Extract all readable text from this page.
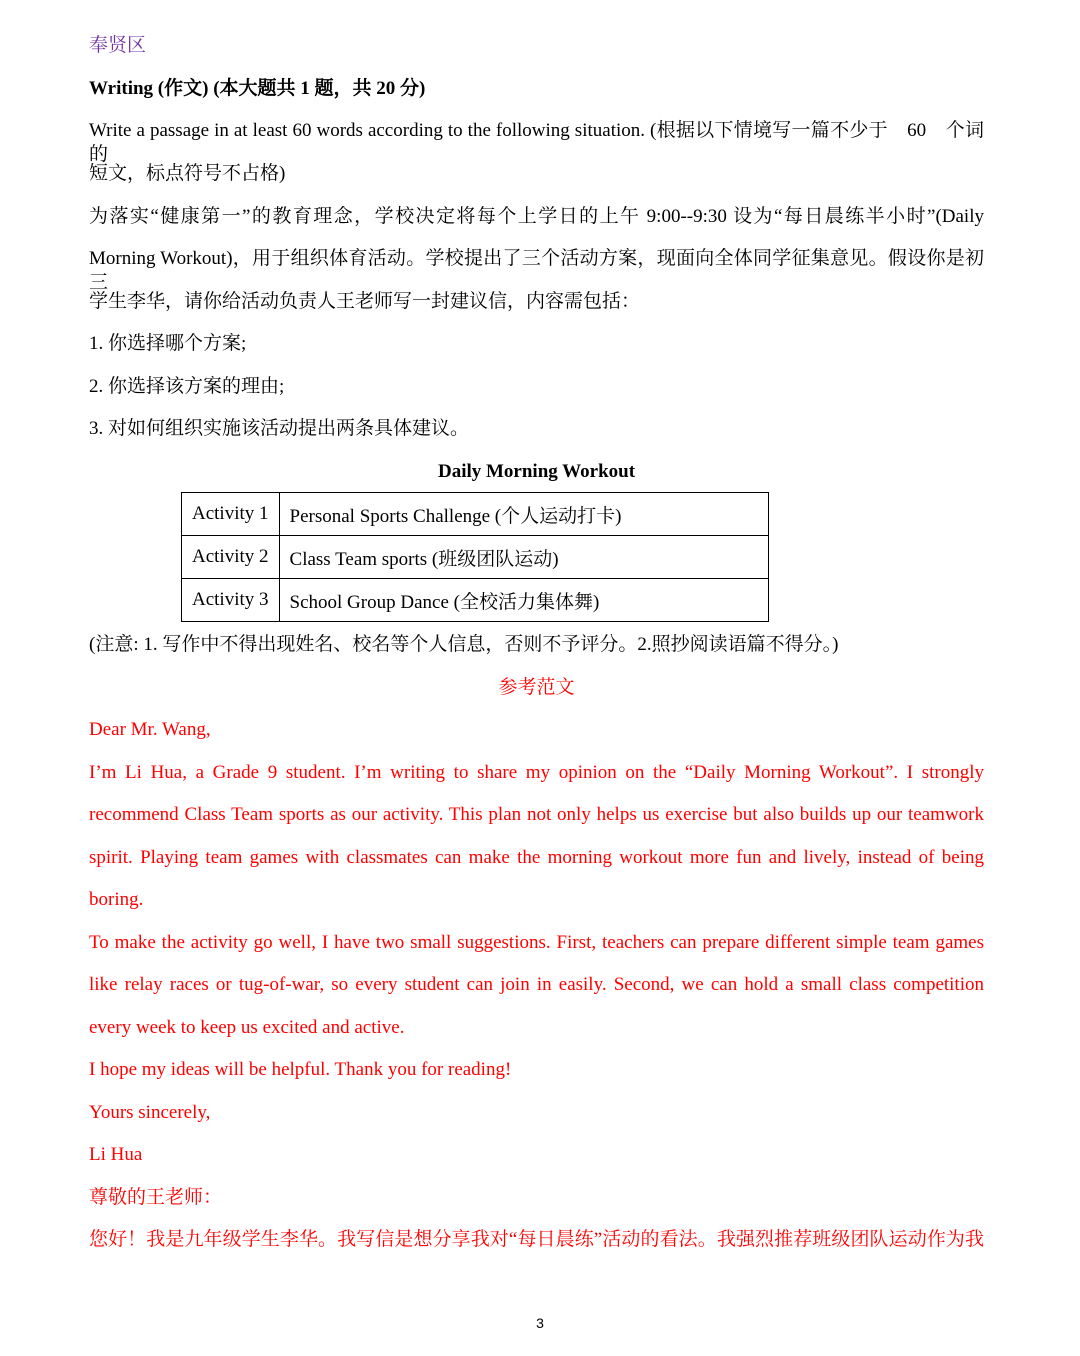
奉贤区
Writing (作文) (本大题共 1 题，共 20 分)
Write a passage in at least 60 words according to the following situation. (根据以下情境写一篇不少于　60　个词的
短文，标点符号不占格)
为落实“健康第一”的教育理念，学校决定将每个上学日的上午 9:00--9:30 设为“每日晨练半小时”(Daily
Morning Workout)，用于组织体育活动。学校提出了三个活动方案，现面向全体同学征集意见。假设你是初三
学生李华，请你给活动负责人王老师写一封建议信，内容需包括：
1. 你选择哪个方案;
2. 你选择该方案的理由;
3. 对如何组织实施该活动提出两条具体建议。
Daily Morning Workout
Activity 1	Personal Sports Challenge (个人运动打卡)
Activity 2	Class Team sports (班级团队运动)
Activity 3	School Group Dance (全校活力集体舞)
(注意: 1. 写作中不得出现姓名、校名等个人信息，否则不予评分。2.照抄阅读语篇不得分。)
参考范文
Dear Mr. Wang,
I’m Li Hua, a Grade 9 student. I’m writing to share my opinion on the “Daily Morning Workout”. I strongly
recommend Class Team sports as our activity. This plan not only helps us exercise but also builds up our teamwork
spirit. Playing team games with classmates can make the morning workout more fun and lively, instead of being
boring.
To make the activity go well, I have two small suggestions. First, teachers can prepare different simple team games
like relay races or tug-of-war, so every student can join in easily. Second, we can hold a small class competition
every week to keep us excited and active.
I hope my ideas will be helpful. Thank you for reading!
Yours sincerely,
Li Hua
尊敬的王老师：
您好！我是九年级学生李华。我写信是想分享我对“每日晨练”活动的看法。我强烈推荐班级团队运动作为我
3
